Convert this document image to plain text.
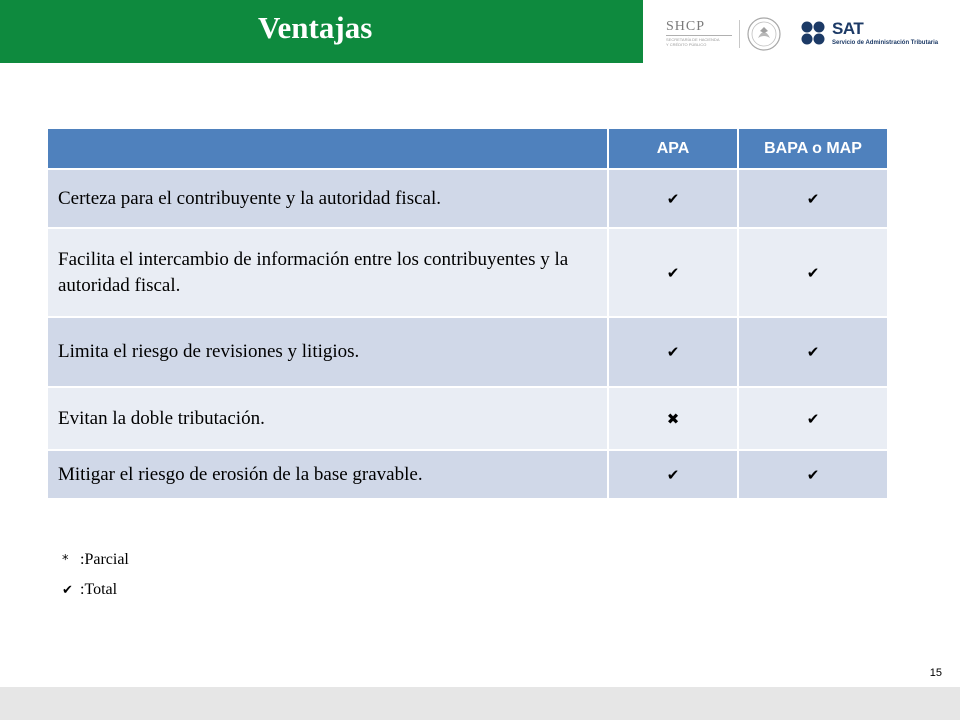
Ventajas	SHCP
SECRETARÍA DE HACIENDA
Y CRÉDITO PÚBLICO
SAT
Servicio de Administración Tributaria
	APA	BAPA o MAP
Certeza para el contribuyente y la autoridad fiscal.	✔	✔
Facilita el intercambio de información entre los contribuyentes y la autoridad fiscal.	✔	✔
Limita el riesgo de revisiones y litigios.	✔	✔
Evitan la doble tributación.	✖	✔
Mitigar el riesgo de erosión de la base gravable.	✔	✔
* :Parcial
✔ :Total
15
